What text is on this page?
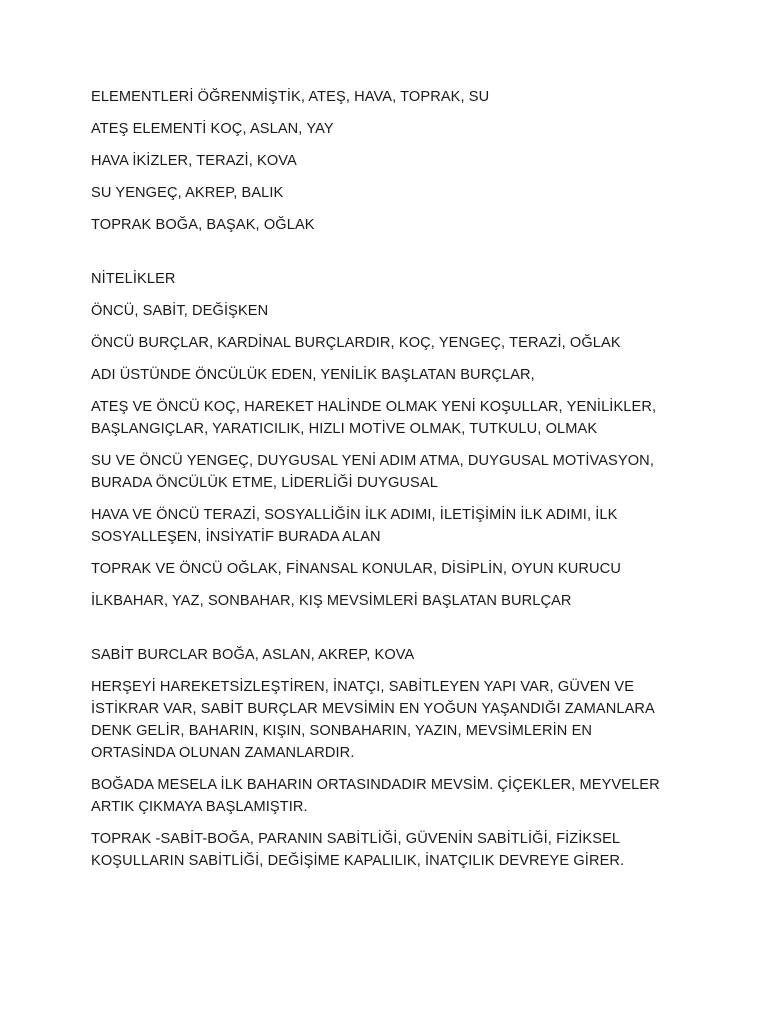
ELEMENTLERİ ÖĞRENMİŞTİK, ATEŞ, HAVA, TOPRAK, SU

ATEŞ ELEMENTİ KOÇ, ASLAN, YAY

HAVA İKİZLER, TERAZİ, KOVA

SU YENGEÇ, AKREP, BALIK

TOPRAK BOĞA, BAŞAK, OĞLAK

NİTELİKLER

ÖNCÜ, SABİT, DEĞİŞKEN

ÖNCÜ BURÇLAR, KARDİNAL BURÇLARDIR, KOÇ, YENGEÇ, TERAZİ, OĞLAK

ADI ÜSTÜNDE ÖNCÜLÜK EDEN, YENİLİK BAŞLATAN BURÇLAR,

ATEŞ VE ÖNCÜ KOÇ, HAREKET HALİNDE OLMAK YENİ KOŞULLAR, YENİLİKLER,
BAŞLANGIÇLAR, YARATICILIK, HIZLI MOTİVE OLMAK, TUTKULU, OLMAK

SU VE ÖNCÜ YENGEÇ, DUYGUSAL YENİ ADIM ATMA, DUYGUSAL MOTİVASYON,
BURADA ÖNCÜLÜK ETME, LİDERLİĞİ DUYGUSAL

HAVA VE ÖNCÜ TERAZİ, SOSYALLİĞİN İLK ADIMI, İLETİŞİMİN İLK ADIMI, İLK
SOSYALLEŞEN, İNSİYATİF BURADA ALAN

TOPRAK VE ÖNCÜ OĞLAK, FİNANSAL KONULAR, DİSİPLİN, OYUN KURUCU

İLKBAHAR, YAZ, SONBAHAR, KIŞ MEVSİMLERİ BAŞLATAN BURLÇAR

SABİT BURCLAR BOĞA, ASLAN, AKREP, KOVA

HERŞEYİ HAREKETSİZLEŞTİREN, İNATÇI, SABİTLEYEN YAPI VAR, GÜVEN VE
İSTİKRAR VAR, SABİT BURÇLAR MEVSİMİN EN YOĞUN YAŞANDIĞI ZAMANLARA
DENK GELİR, BAHARIN, KIŞIN, SONBAHARIN, YAZIN, MEVSİMLERİN EN
ORTASİNDA OLUNAN ZAMANLARDIR.

BOĞADA MESELA İLK BAHARIN ORTASINDADIR MEVSİM. ÇİÇEKLER, MEYVELER
ARTIK ÇIKMAYA BAŞLAMIŞTIR.

TOPRAK -SABİT-BOĞA, PARANIN SABİTLİĞİ, GÜVENİN SABİTLİĞİ, FİZİKSEL
KOŞULLARIN SABİTLİĞİ, DEĞİŞİME KAPALILIK, İNATÇILIK DEVREYE GİRER.
